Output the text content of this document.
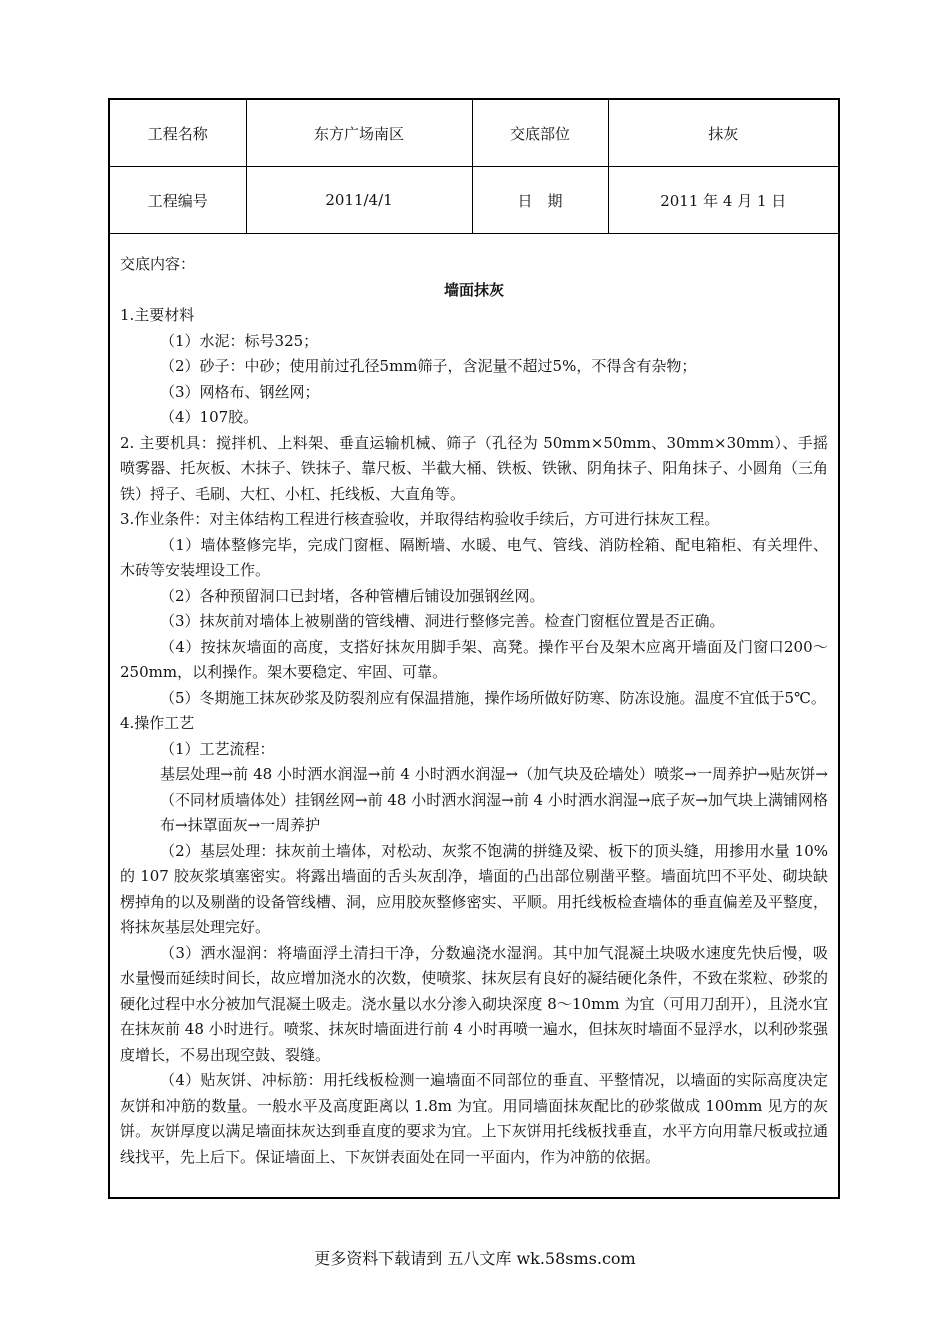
工程名称	东方广场南区	交底部位	抹灰
工程编号	2011/4/1	日　期	2011 年 4 月 1 日

交底内容：

墙面抹灰

1.主要材料

（1）水泥：标号325；

（2）砂子：中砂；使用前过孔径5mm筛子，含泥量不超过5%，不得含有杂物；

（3）网格布、钢丝网；

（4）107胶。

2. 主要机具：搅拌机、上料架、垂直运输机械、筛子（孔径为 50mm×50mm、30mm×30mm）、手摇喷雾器、托灰板、木抹子、铁抹子、靠尺板、半截大桶、铁板、铁锹、阴角抹子、阳角抹子、小圆角（三角铁）捋子、毛刷、大杠、小杠、托线板、大直角等。

3.作业条件：对主体结构工程进行核查验收，并取得结构验收手续后，方可进行抹灰工程。

（1）墙体整修完毕，完成门窗框、隔断墙、水暖、电气、管线、消防栓箱、配电箱柜、有关埋件、木砖等安装埋设工作。

（2）各种预留洞口已封堵，各种管槽后铺设加强钢丝网。

（3）抹灰前对墙体上被剔凿的管线槽、洞进行整修完善。检查门窗框位置是否正确。

（4）按抹灰墙面的高度，支搭好抹灰用脚手架、高凳。操作平台及架木应离开墙面及门窗口200～250mm，以利操作。架木要稳定、牢固、可靠。

（5）冬期施工抹灰砂浆及防裂剂应有保温措施，操作场所做好防寒、防冻设施。温度不宜低于5℃。

4.操作工艺

（1）工艺流程：

基层处理→前 48 小时洒水润湿→前 4 小时洒水润湿→（加气块及砼墙处）喷浆→一周养护→贴灰饼→（不同材质墙体处）挂钢丝网→前 48 小时洒水润湿→前 4 小时洒水润湿→底子灰→加气块上满铺网格布→抹罩面灰→一周养护

（2）基层处理：抹灰前土墙体，对松动、灰浆不饱满的拼缝及梁、板下的顶头缝，用掺用水量 10%的 107 胶灰浆填塞密实。将露出墙面的舌头灰刮净，墙面的凸出部位剔凿平整。墙面坑凹不平处、砌块缺楞掉角的以及剔凿的设备管线槽、洞，应用胶灰整修密实、平顺。用托线板检查墙体的垂直偏差及平整度，将抹灰基层处理完好。

（3）洒水湿润：将墙面浮土清扫干净，分数遍浇水湿润。其中加气混凝土块吸水速度先快后慢，吸水量慢而延续时间长，故应增加浇水的次数，使喷浆、抹灰层有良好的凝结硬化条件，不致在浆粒、砂浆的硬化过程中水分被加气混凝土吸走。浇水量以水分渗入砌块深度 8～10mm 为宜（可用刀刮开），且浇水宜在抹灰前 48 小时进行。喷浆、抹灰时墙面进行前 4 小时再喷一遍水，但抹灰时墙面不显浮水，以利砂浆强度增长，不易出现空鼓、裂缝。

（4）贴灰饼、冲标筋：用托线板检测一遍墙面不同部位的垂直、平整情况，以墙面的实际高度决定灰饼和冲筋的数量。一般水平及高度距离以 1.8m 为宜。用同墙面抹灰配比的砂浆做成 100mm 见方的灰饼。灰饼厚度以满足墙面抹灰达到垂直度的要求为宜。上下灰饼用托线板找垂直，水平方向用靠尺板或拉通线找平，先上后下。保证墙面上、下灰饼表面处在同一平面内，作为冲筋的依据。

更多资料下载请到 五八文库 wk.58sms.com
